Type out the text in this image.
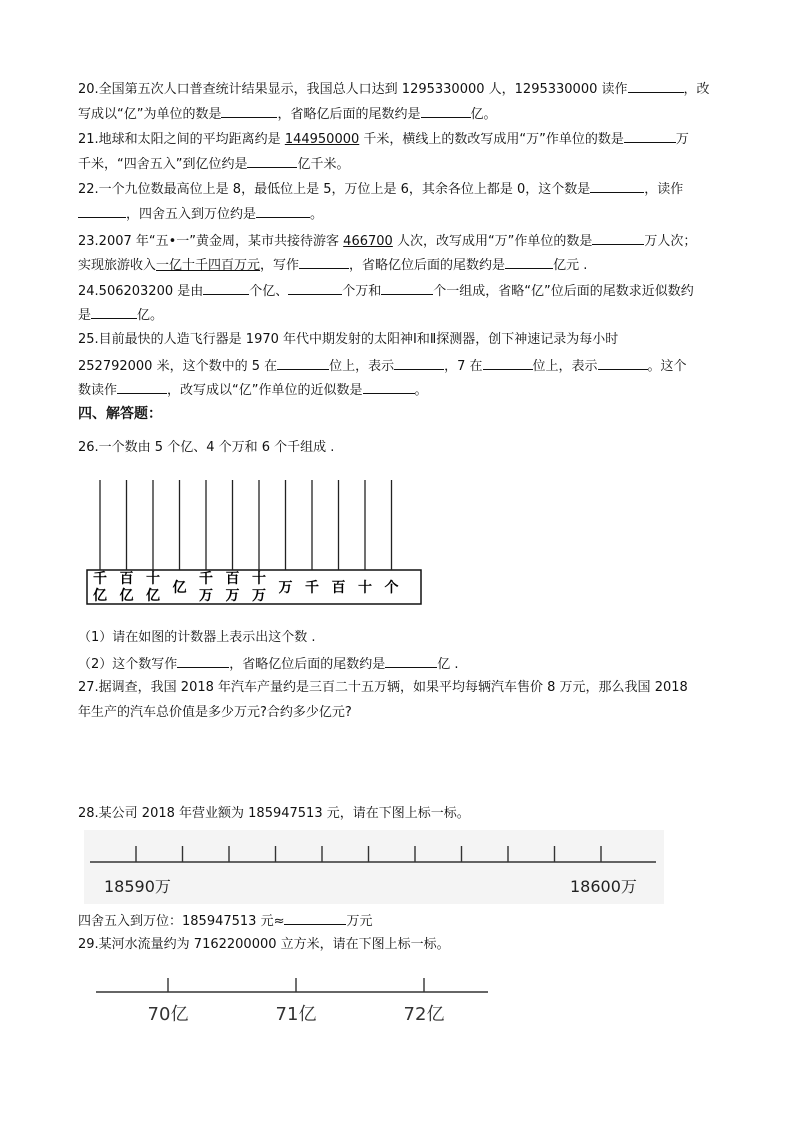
20.全国第五次人口普查统计结果显示，我国总人口达到 1295330000 人，1295330000 读作	，改
写成以“亿”为单位的数是	，省略亿后面的尾数约是	亿。
21.地球和太阳之间的平均距离约是 144950000 千米，横线上的数改写成用“万”作单位的数是	万
千米，“四舍五入”到亿位约是	亿千米。
22.一个九位数最高位上是 8，最低位上是 5，万位上是 6，其余各位上都是 0，这个数是	，读作
，四舍五入到万位约是	。
23.2007 年“五•一”黄金周，某市共接待游客 466700 人次，改写成用“万”作单位的数是	万人次；
实现旅游收入一亿十千四百万元，写作	，省略亿位后面的尾数约是	亿元 .
24.506203200 是由	个亿、	个万和	个一组成，省略“亿”位后面的尾数求近似数约
是	亿。
25.目前最快的人造飞行器是 1970 年代中期发射的太阳神Ⅰ和Ⅱ探测器，创下神速记录为每小时
252792000 米，这个数中的 5 在	位上，表示	，7 在	位上，表示	。这个
数读作	，改写成以“亿”作单位的近似数是	。
四、解答题：
26.一个数由 5 个亿、4 个万和 6 个千组成 .
千
亿
百
亿
十
亿 亿
千
万
百
万
十
万 万 千 百 十 个
（1）请在如图的计数器上表示出这个数 .
（2）这个数写作	，省略亿位后面的尾数约是	亿 .
27.据调查，我国 2018 年汽车产量约是三百二十五万辆，如果平均每辆汽车售价 8 万元，那么我国 2018
年生产的汽车总价值是多少万元?合约多少亿元?
28.某公司 2018 年营业额为 185947513 元，请在下图上标一标。
18590万	18600万
四舍五入到万位：185947513 元≈	万元
29.某河水流量约为 7162200000 立方米，请在下图上标一标。
70亿	71亿	72亿
